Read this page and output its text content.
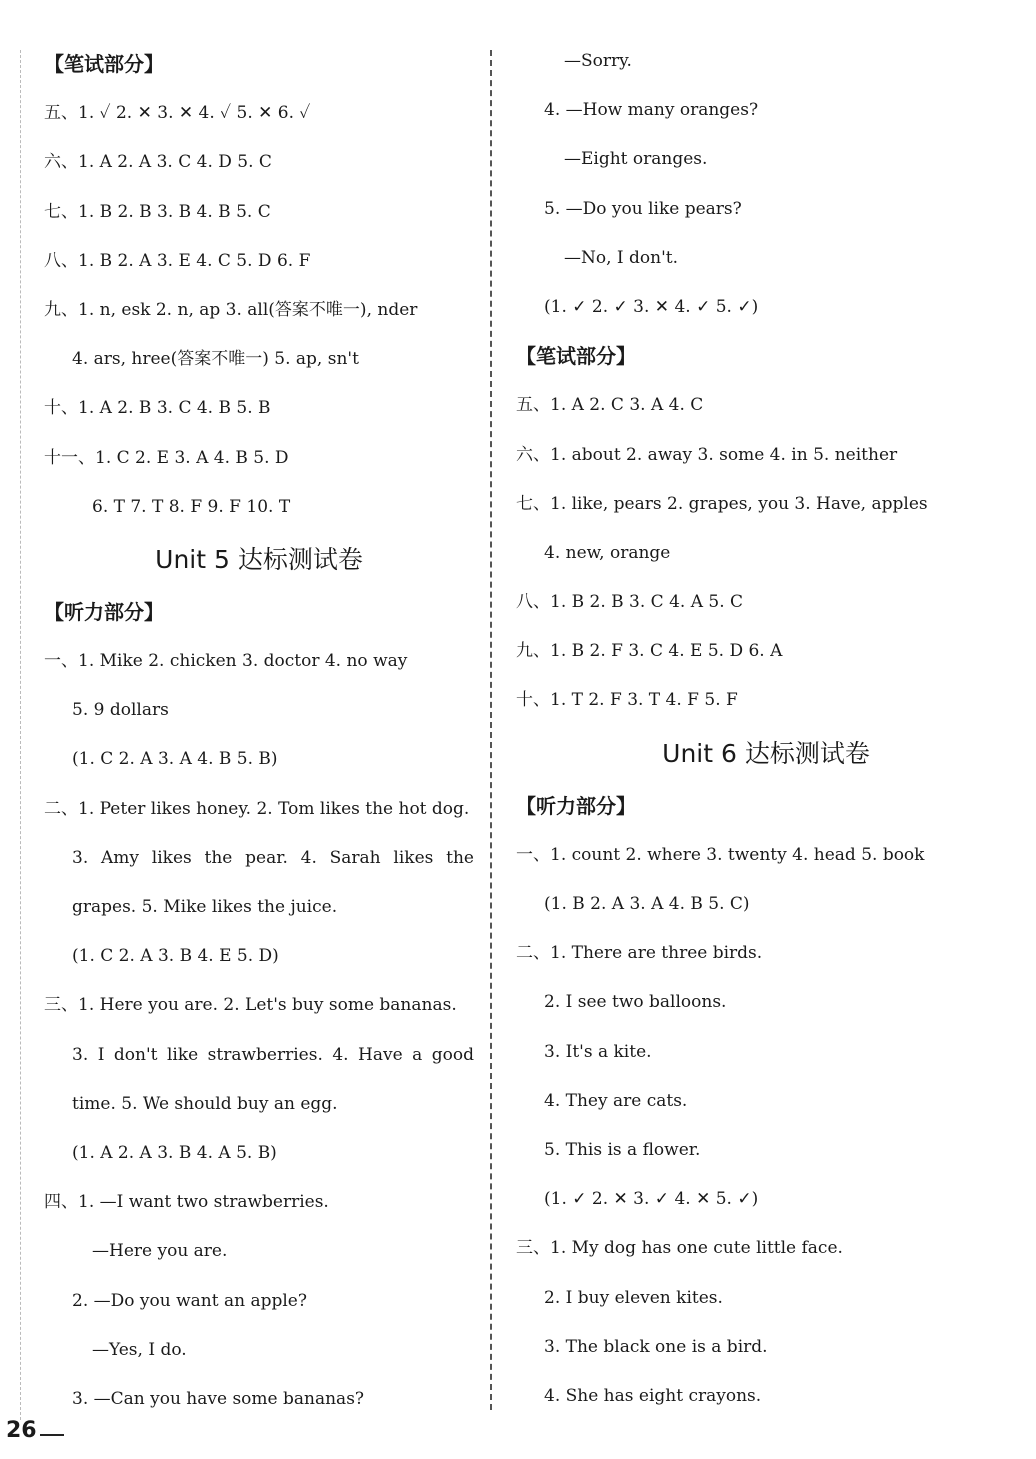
【笔试部分】
五、1. ✓ 2. ✕ 3. ✕ 4. ✓ 5. ✕ 6. ✓
六、1. A 2. A 3. C 4. D 5. C
七、1. B 2. B 3. B 4. B 5. C
八、1. B 2. A 3. E 4. C 5. D 6. F
九、1. n, esk 2. n, ap 3. all(答案不唯一), nder
4. ars, hree(答案不唯一) 5. ap, sn't
十、1. A 2. B 3. C 4. B 5. B
十一、1. C 2. E 3. A 4. B 5. D
6. T 7. T 8. F 9. F 10. T
Unit 5 达标测试卷
【听力部分】
一、1. Mike 2. chicken 3. doctor 4. no way
5. 9 dollars
(1. C 2. A 3. A 4. B 5. B)
二、1. Peter likes honey. 2. Tom likes the hot dog.
3. Amy likes the pear. 4. Sarah likes the
grapes. 5. Mike likes the juice.
(1. C 2. A 3. B 4. E 5. D)
三、1. Here you are. 2. Let's buy some bananas.
3. I don't like strawberries. 4. Have a good
time. 5. We should buy an egg.
(1. A 2. A 3. B 4. A 5. B)
四、1. —I want two strawberries.
—Here you are.
2. —Do you want an apple?
—Yes, I do.
3. —Can you have some bananas?
—Sorry.
4. —How many oranges?
—Eight oranges.
5. —Do you like pears?
—No, I don't.
(1. ✓ 2. ✓ 3. ✕ 4. ✓ 5. ✓)
【笔试部分】
五、1. A 2. C 3. A 4. C
六、1. about 2. away 3. some 4. in 5. neither
七、1. like, pears 2. grapes, you 3. Have, apples
4. new, orange
八、1. B 2. B 3. C 4. A 5. C
九、1. B 2. F 3. C 4. E 5. D 6. A
十、1. T 2. F 3. T 4. F 5. F
Unit 6 达标测试卷
【听力部分】
一、1. count 2. where 3. twenty 4. head 5. book
(1. B 2. A 3. A 4. B 5. C)
二、1. There are three birds.
2. I see two balloons.
3. It's a kite.
4. They are cats.
5. This is a flower.
(1. ✓ 2. ✕ 3. ✓ 4. ✕ 5. ✓)
三、1. My dog has one cute little face.
2. I buy eleven kites.
3. The black one is a bird.
4. She has eight crayons.
26
